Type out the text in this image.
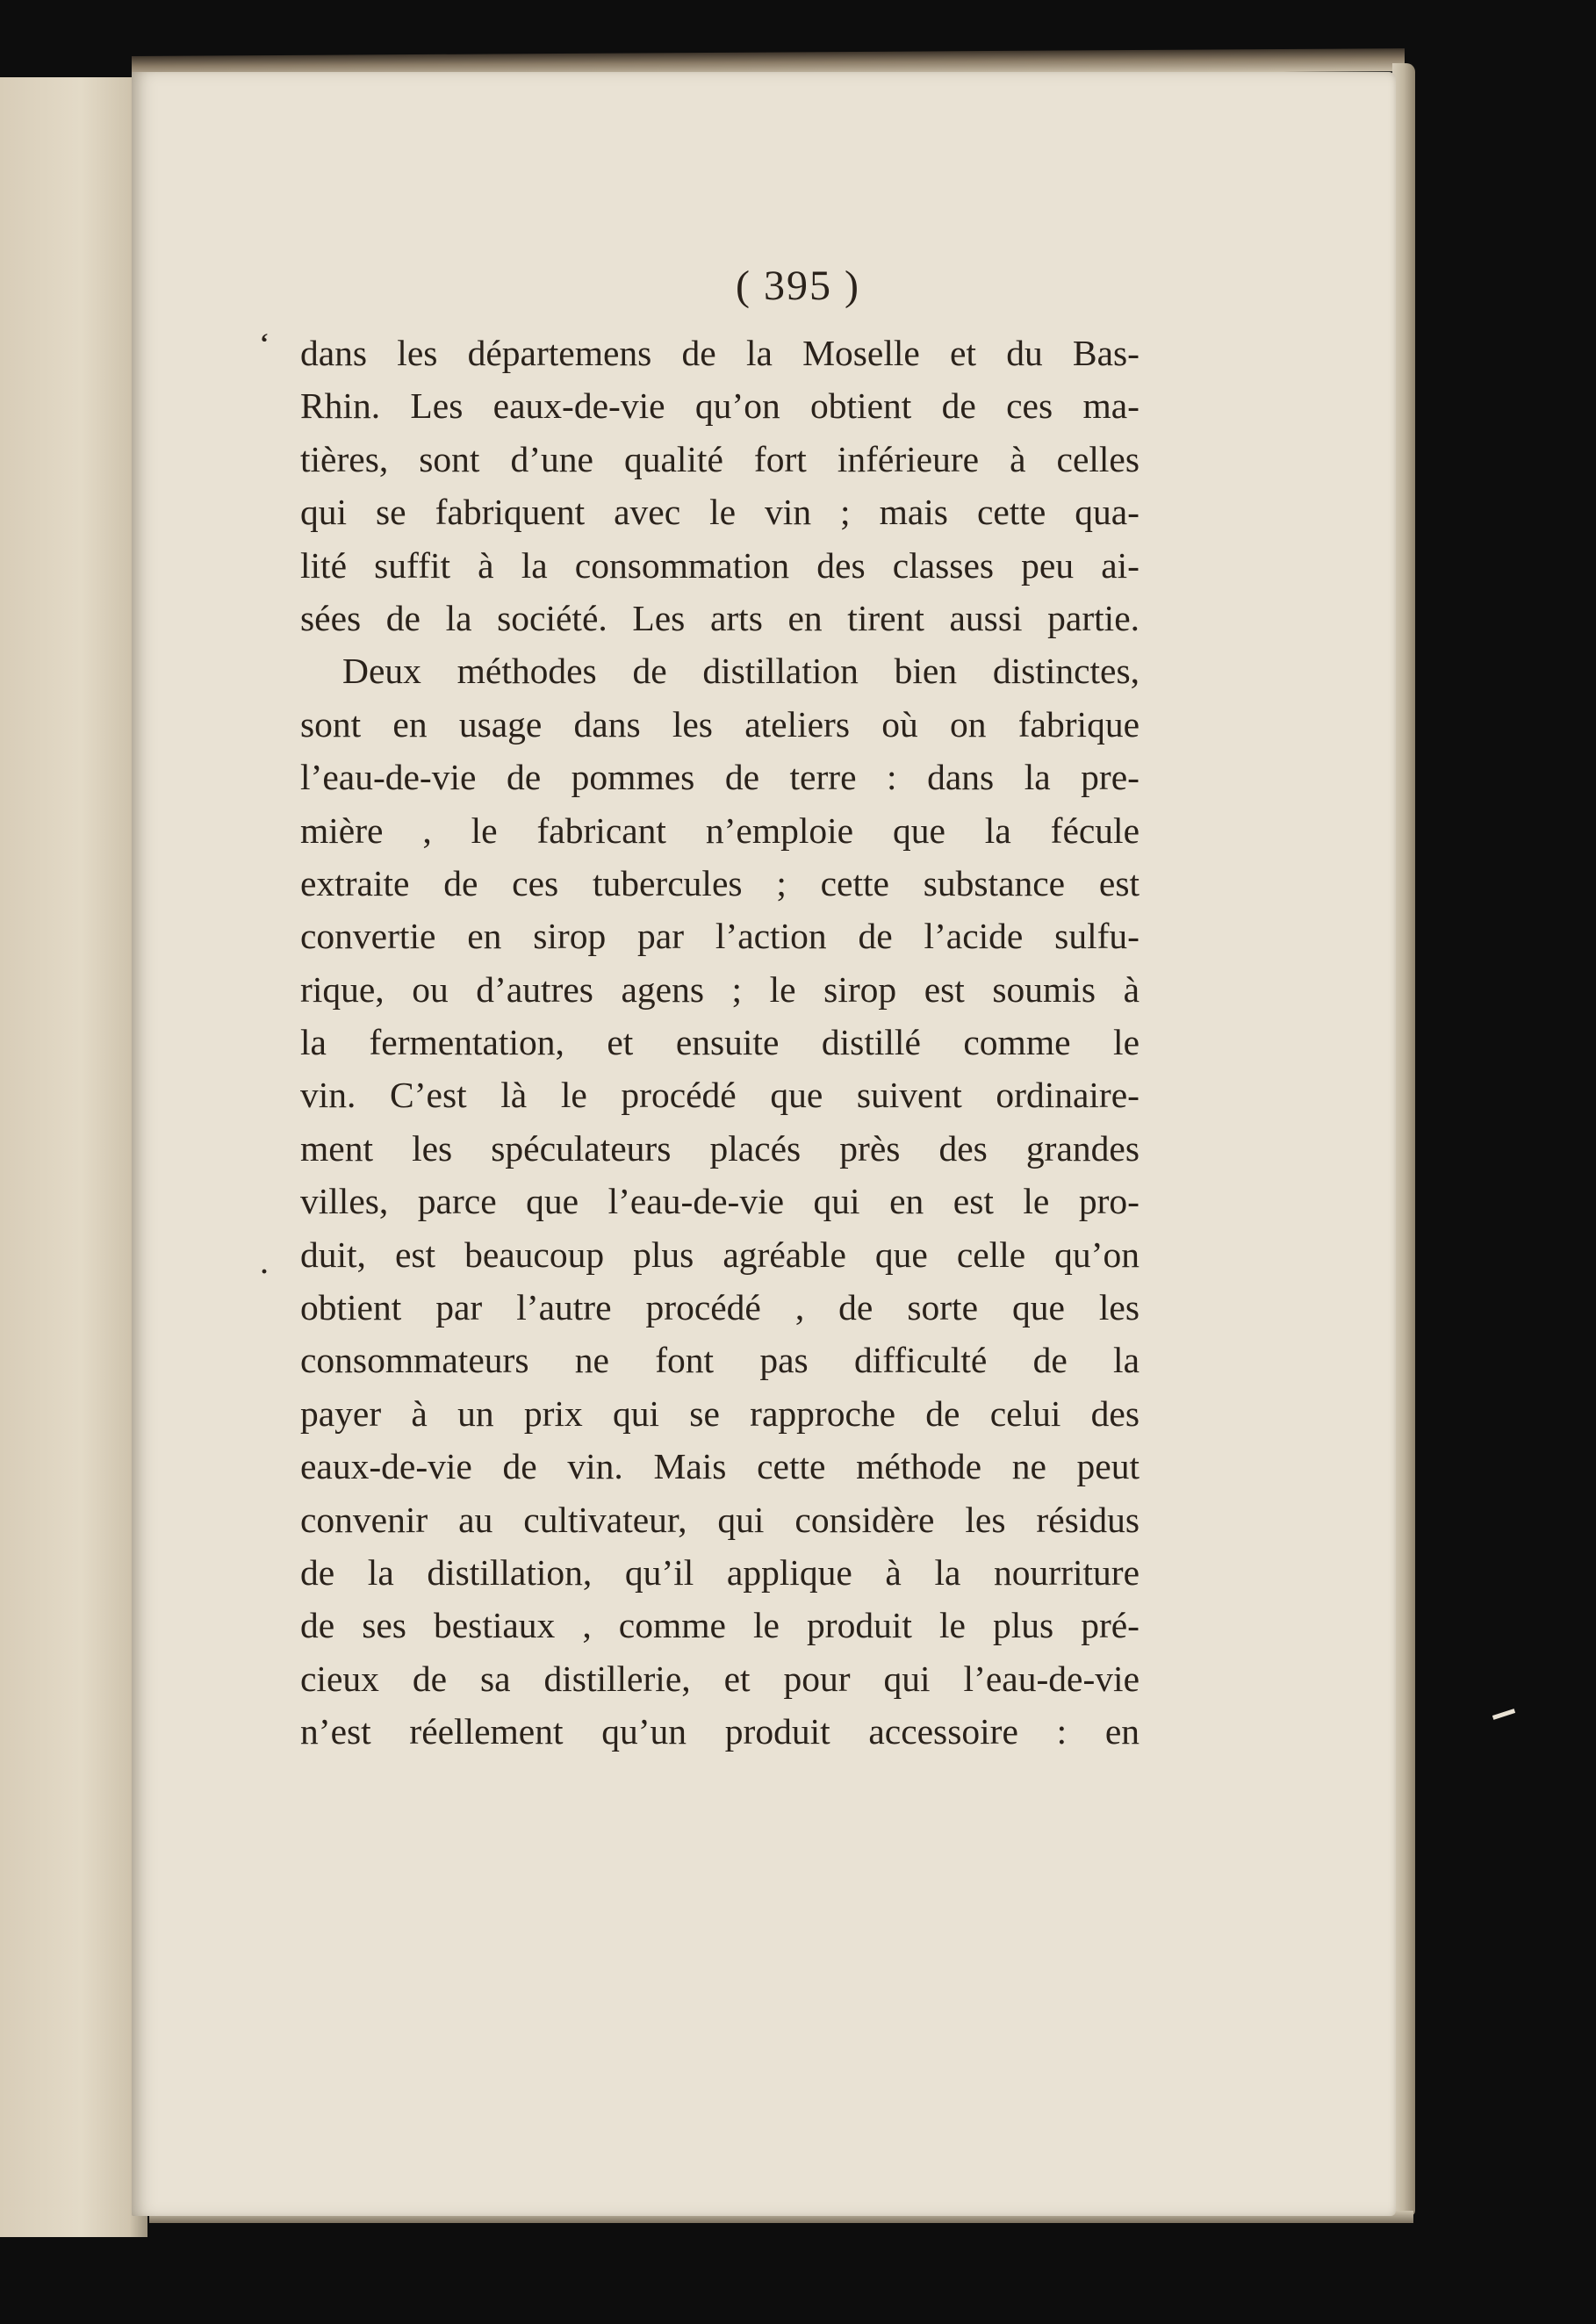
( 395 )
ʻ
·
dans les départemens de la Moselle et du Bas-
Rhin. Les eaux-de-vie qu’on obtient de ces ma-
tières, sont d’une qualité fort inférieure à celles
qui se fabriquent avec le vin ; mais cette qua-
lité suffit à la consommation des classes peu ai-
sées de la société. Les arts en tirent aussi partie.
Deux méthodes de distillation bien distinctes,
sont en usage dans les ateliers où on fabrique
l’eau-de-vie de pommes de terre : dans la pre-
mière , le fabricant n’emploie que la fécule
extraite de ces tubercules ; cette substance est
convertie en sirop par l’action de l’acide sulfu-
rique, ou d’autres agens ; le sirop est soumis à
la fermentation, et ensuite distillé comme le
vin. C’est là le procédé que suivent ordinaire-
ment les spéculateurs placés près des grandes
villes, parce que l’eau-de-vie qui en est le pro-
duit, est beaucoup plus agréable que celle qu’on
obtient par l’autre procédé , de sorte que les
consommateurs ne font pas difficulté de la
payer à un prix qui se rapproche de celui des
eaux-de-vie de vin. Mais cette méthode ne peut
convenir au cultivateur, qui considère les résidus
de la distillation, qu’il applique à la nourriture
de ses bestiaux , comme le produit le plus pré-
cieux de sa distillerie, et pour qui l’eau-de-vie
n’est réellement qu’un produit accessoire : en
